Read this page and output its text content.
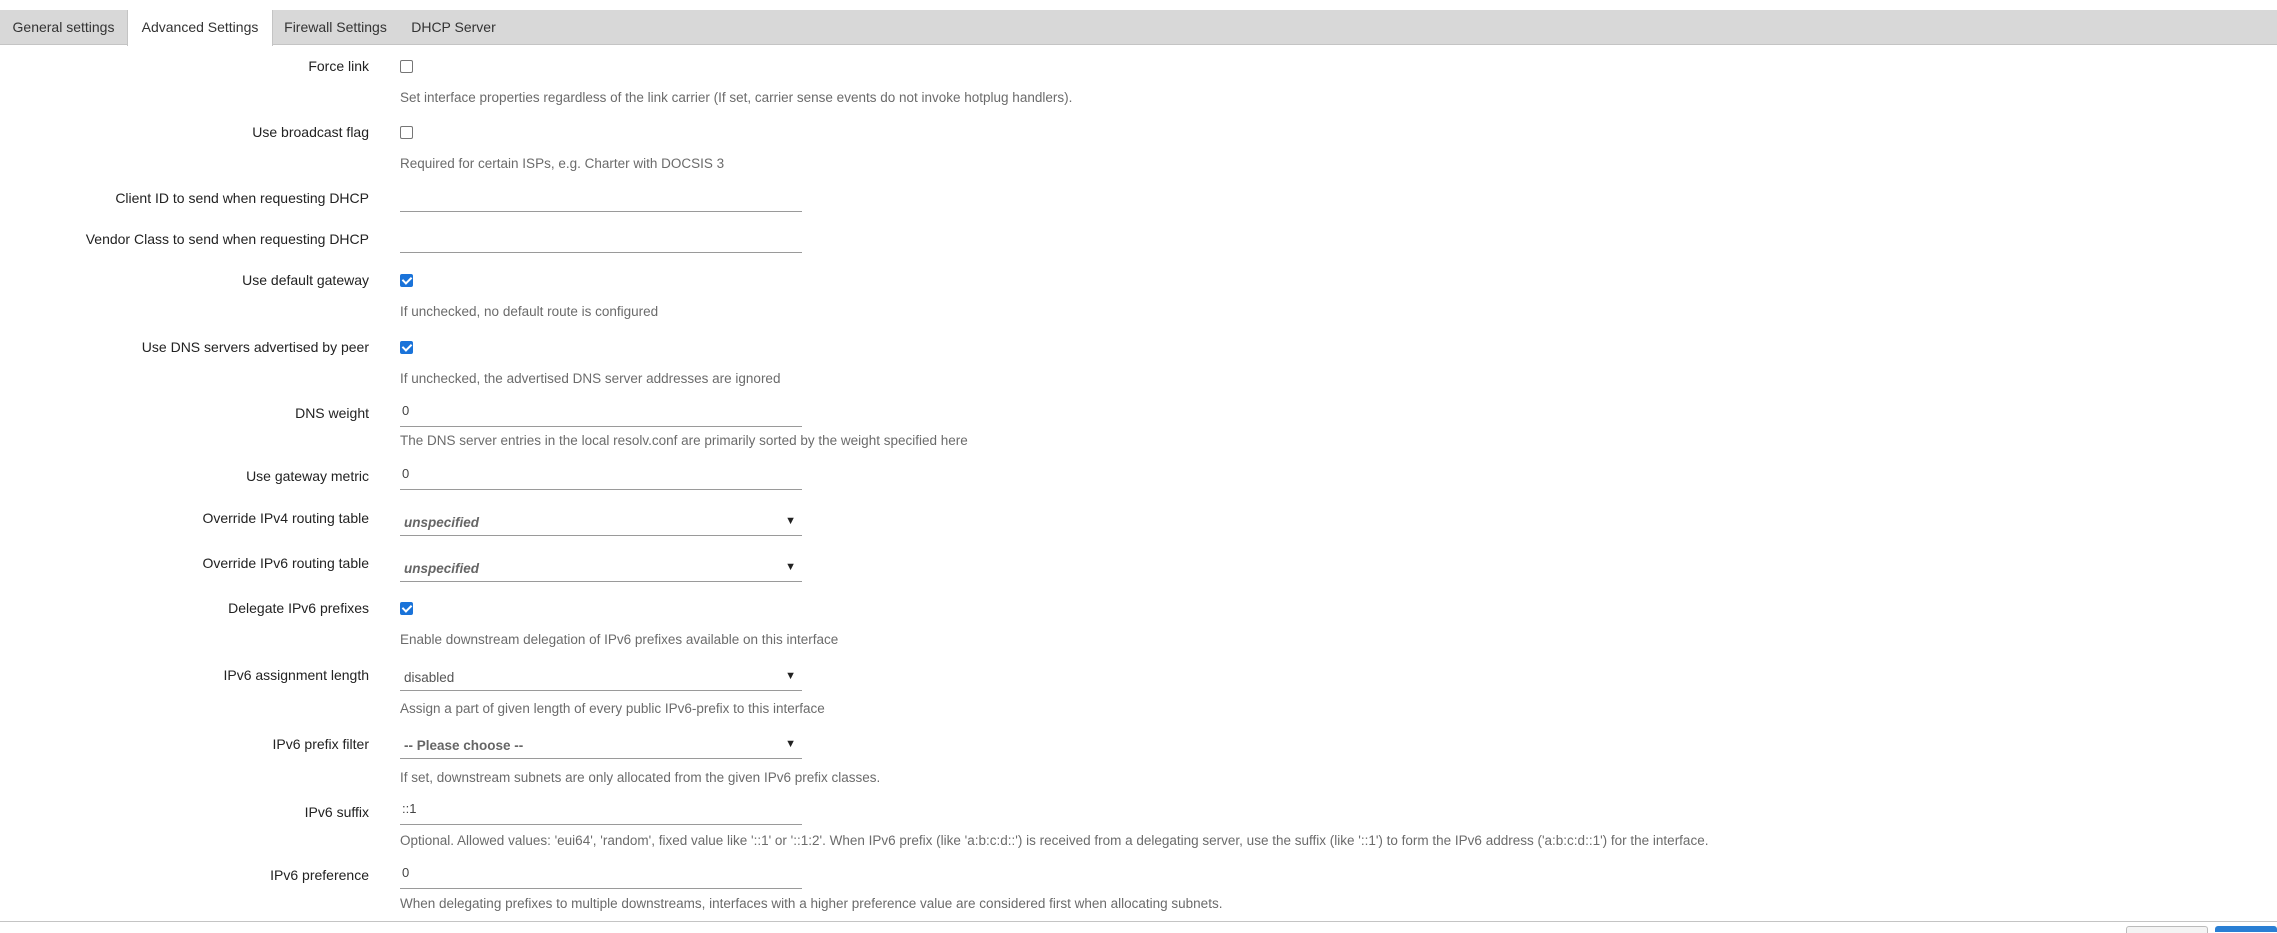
General settings	Advanced Settings	Firewall Settings	DHCP Server
Force link
Set interface properties regardless of the link carrier (If set, carrier sense events do not invoke hotplug handlers).
Use broadcast flag
Required for certain ISPs, e.g. Charter with DOCSIS 3
Client ID to send when requesting DHCP
Vendor Class to send when requesting DHCP
Use default gateway
If unchecked, no default route is configured
Use DNS servers advertised by peer
If unchecked, the advertised DNS server addresses are ignored
DNS weight	0
The DNS server entries in the local resolv.conf are primarily sorted by the weight specified here
Use gateway metric	0
Override IPv4 routing table	unspecified	▼
Override IPv6 routing table	unspecified	▼
Delegate IPv6 prefixes
Enable downstream delegation of IPv6 prefixes available on this interface
IPv6 assignment length	disabled	▼
Assign a part of given length of every public IPv6-prefix to this interface
IPv6 prefix filter	-- Please choose --	▼
If set, downstream subnets are only allocated from the given IPv6 prefix classes.
IPv6 suffix	::1
Optional. Allowed values: 'eui64', 'random', fixed value like '::1' or '::1:2'. When IPv6 prefix (like 'a:b:c:d::') is received from a delegating server, use the suffix (like '::1') to form the IPv6 address ('a:b:c:d::1') for the interface.
IPv6 preference	0
When delegating prefixes to multiple downstreams, interfaces with a higher preference value are considered first when allocating subnets.
